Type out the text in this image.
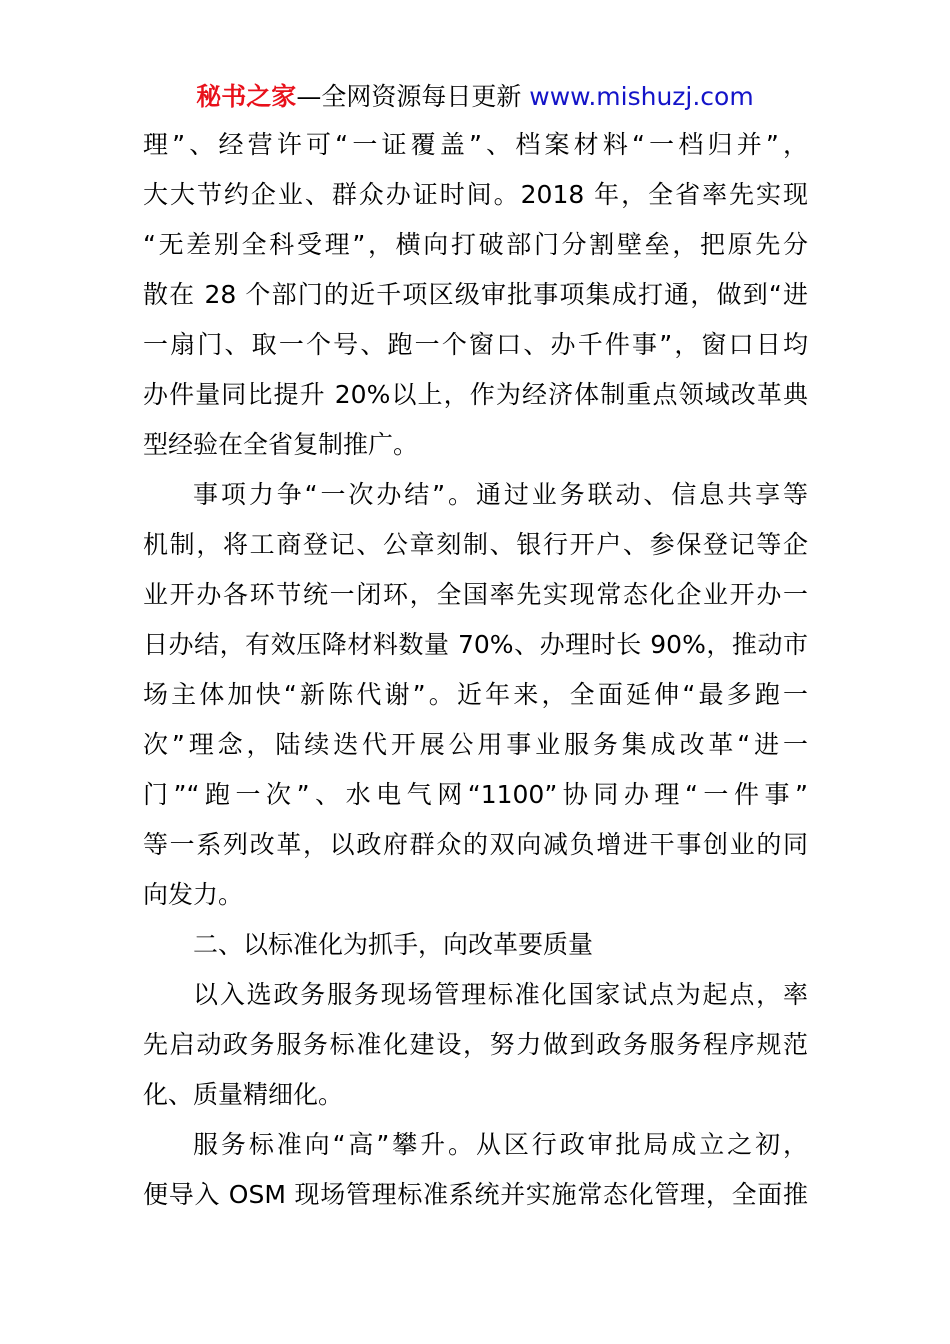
秘书之家—全网资源每日更新 www.mishuzj.com
理”、经营许可“一证覆盖”、档案材料“一档归并”，
大大节约企业、群众办证时间。2018 年，全省率先实现
“无差别全科受理”，横向打破部门分割壁垒，把原先分
散在 28 个部门的近千项区级审批事项集成打通，做到“进
一扇门、取一个号、跑一个窗口、办千件事”，窗口日均
办件量同比提升 20%以上，作为经济体制重点领域改革典
型经验在全省复制推广。
事项力争“一次办结”。通过业务联动、信息共享等
机制，将工商登记、公章刻制、银行开户、参保登记等企
业开办各环节统一闭环，全国率先实现常态化企业开办一
日办结，有效压降材料数量 70%、办理时长 90%，推动市
场主体加快“新陈代谢”。近年来，全面延伸“最多跑一
次”理念，陆续迭代开展公用事业服务集成改革“进一
门”“跑一次”、水电气网“1100”协同办理“一件事”
等一系列改革，以政府群众的双向减负增进干事创业的同
向发力。
二、以标准化为抓手，向改革要质量
以入选政务服务现场管理标准化国家试点为起点，率
先启动政务服务标准化建设，努力做到政务服务程序规范
化、质量精细化。
服务标准向“高”攀升。从区行政审批局成立之初，
便导入 OSM 现场管理标准系统并实施常态化管理，全面推
